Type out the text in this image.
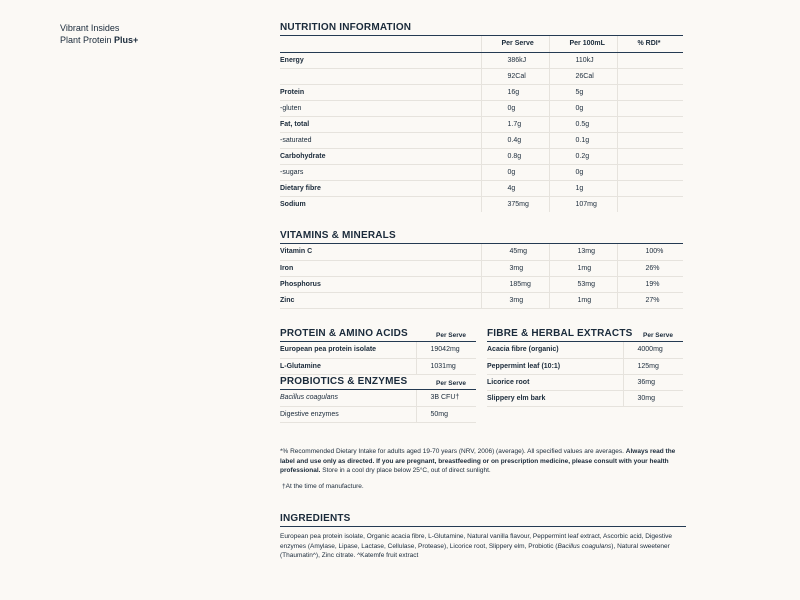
Vibrant Insides
Plant Protein Plus+
NUTRITION INFORMATION
	Per Serve	Per 100mL	% RDI*
Energy	386kJ	110kJ	
	92Cal	26Cal	
Protein	16g	5g	
-gluten	0g	0g	
Fat, total	1.7g	0.5g	
-saturated	0.4g	0.1g	
Carbohydrate	0.8g	0.2g	
-sugars	0g	0g	
Dietary fibre	4g	1g	
Sodium	375mg	107mg	
VITAMINS & MINERALS
Vitamin C	45mg	13mg	100%
Iron	3mg	1mg	26%
Phosphorus	185mg	53mg	19%
Zinc	3mg	1mg	27%
PROTEIN & AMINO ACIDS	Per Serve
European pea protein isolate	19042mg
L-Glutamine	1031mg
PROBIOTICS & ENZYMES	Per Serve
Bacillus coagulans	3B CFU†
Digestive enzymes	50mg
FIBRE & HERBAL EXTRACTS Per Serve
Acacia fibre (organic)	4000mg
Peppermint leaf (10:1)	125mg
Licorice root	36mg
Slippery elm bark	30mg
*% Recommended Dietary Intake for adults aged 19-70 years (NRV, 2006) (average). All specified values are averages. Always read the label and use only as directed. If you are pregnant, breastfeeding or on prescription medicine, please consult with your health professional. Store in a cool dry place below 25°C, out of direct sunlight.
†At the time of manufacture.
INGREDIENTS
European pea protein isolate, Organic acacia fibre, L-Glutamine, Natural vanilla flavour, Peppermint leaf extract, Ascorbic acid, Digestive enzymes (Amylase, Lipase, Lactase, Cellulase, Protease), Licorice root, Slippery elm, Probiotic (Bacillus coagulans), Natural sweetener (Thaumatin^), Zinc citrate. ^Katemfe fruit extract
